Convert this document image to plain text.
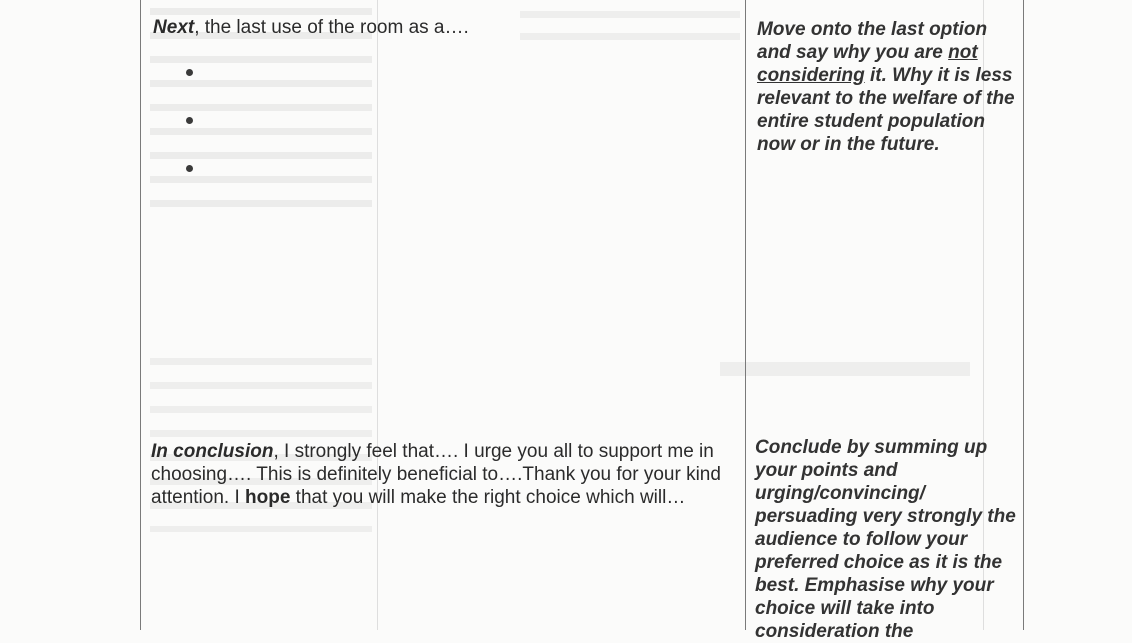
Next, the last use of the room as a….	Move onto the last option and say why you are not considering it. Why it is less relevant to the welfare of the entire student population now or in the future.
In conclusion, I strongly feel that…. I urge you all to support me in choosing…. This is definitely beneficial to….Thank you for your kind attention. I hope that you will make the right choice which will…
Conclude by summing up your points and urging/convincing/ persuading very strongly the audience to follow your preferred choice as it is the best. Emphasise why your choice will take into consideration the
